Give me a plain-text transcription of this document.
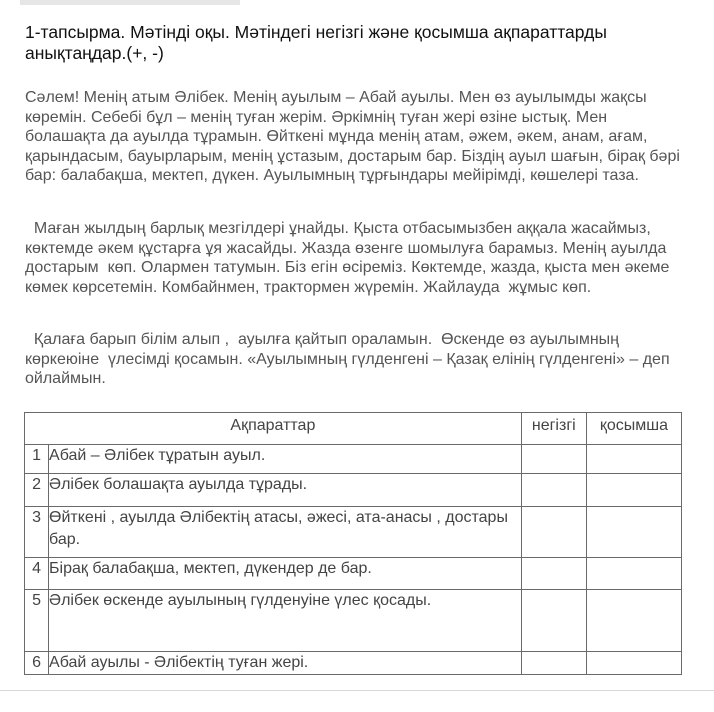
1-тапсырма. Мәтінді оқы. Мәтіндегі негізгі және қосымша ақпараттарды анықтаңдар.(+, -)

Сәлем! Менің атым Әлібек. Менің ауылым – Абай ауылы. Мен өз ауылымды жақсы көремін. Себебі бұл – менің туған жерім. Әркімнің туған жері өзіне ыстық. Мен болашақта да ауылда тұрамын. Өйткені мұнда менің атам, әжем, әкем, анам, ағам, қарындасым, бауырларым, менің ұстазым, достарым бар. Біздің ауыл шағын, бірақ бәрі бар: балабақша, мектеп, дүкен. Ауылымның тұрғындары мейірімді, көшелері таза.

Маған жылдың барлық мезгілдері ұнайды. Қыста отбасымызбен аққала жасаймыз, көктемде әкем құстарға ұя жасайды. Жазда өзенге шомылуға барамыз. Менің ауылда достарым  көп. Олармен татумын. Біз егін өсіреміз. Көктемде, жазда, қыста мен әкеме көмек көрсетемін. Комбайнмен, трактормен жүремін. Жайлауда  жұмыс көп.

Қалаға барып білім алып ,  ауылға қайтып ораламын.  Өскенде өз ауылымның көркеюіне  үлесімді қосамын. «Ауылымның гүлденгені – Қазақ елінің гүлденгені» – деп ойлаймын.

Ақпараттар		негізгі	қосымша
1	Абай – Әлібек тұратын ауыл.		
2	Әлібек болашақта ауылда тұрады.		
3	Өйткені , ауылда Әлібектің атасы, әжесі, ата-анасы , достары бар.		
4	Бірақ балабақша, мектеп, дүкендер де бар.		
5	Әлібек өскенде ауылының гүлденуіне үлес қосады.		
6	Абай ауылы - Әлібектің туған жері.		
